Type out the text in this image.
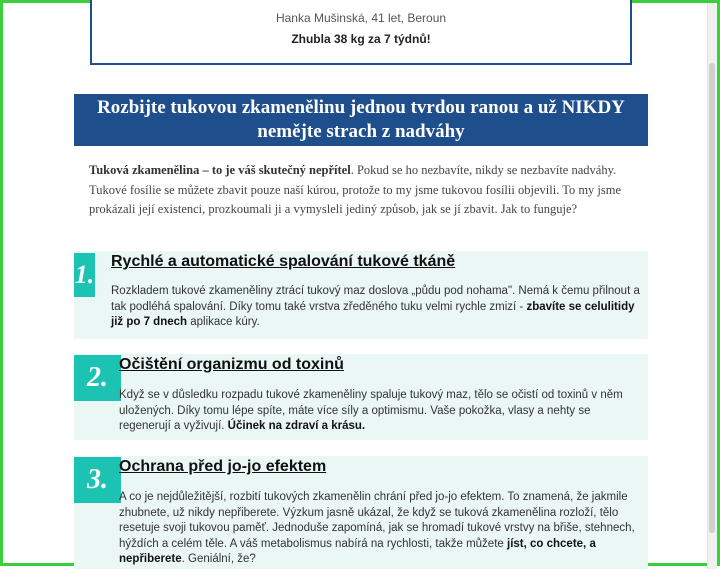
Hanka Mušinská, 41 let, Beroun
Zhubla 38 kg za 7 týdnů!
Rozbijte tukovou zkamenělinu jednou tvrdou ranou a už NIKDY nemějte strach z nadváhy
Tuková zkamenělina – to je váš skutečný nepřítel. Pokud se ho nezbavíte, nikdy se nezbavíte nadváhy. Tukové fosílie se můžete zbavit pouze naší kúrou, protože to my jsme tukovou fosílii objevili. To my jsme prokázali její existenci, prozkoumali ji a vymysleli jediný způsob, jak se jí zbavit. Jak to funguje?
1. Rychlé a automatické spalování tukové tkáně
Rozkladem tukové zkameněliny ztrácí tukový maz doslova „půdu pod nohama". Nemá k čemu přilnout a tak podléhá spalování. Díky tomu také vrstva zředěného tuku velmi rychle zmizí - zbavíte se celulitidy již po 7 dnech aplikace kúry.
2. Očištění organizmu od toxinů
Když se v důsledku rozpadu tukové zkameněliny spaluje tukový maz, tělo se očistí od toxinů v něm uložených. Díky tomu lépe spíte, máte více síly a optimismu. Vaše pokožka, vlasy a nehty se regenerují a vyživují. Účinek na zdraví a krásu.
3. Ochrana před jo-jo efektem
A co je nejdůležitější, rozbití tukových zkamenělin chrání před jo-jo efektem. To znamená, že jakmile zhubnete, už nikdy nepřiberete. Výzkum jasně ukázal, že když se tuková zkamenělina rozloží, tělo resetuje svoji tukovou paměť. Jednoduše zapomíná, jak se hromadí tukové vrstvy na břiše, stehnech, hýždích a celém těle. A váš metabolismus nabírá na rychlosti, takže můžete jíst, co chcete, a nepřiberete. Geniální, že?
